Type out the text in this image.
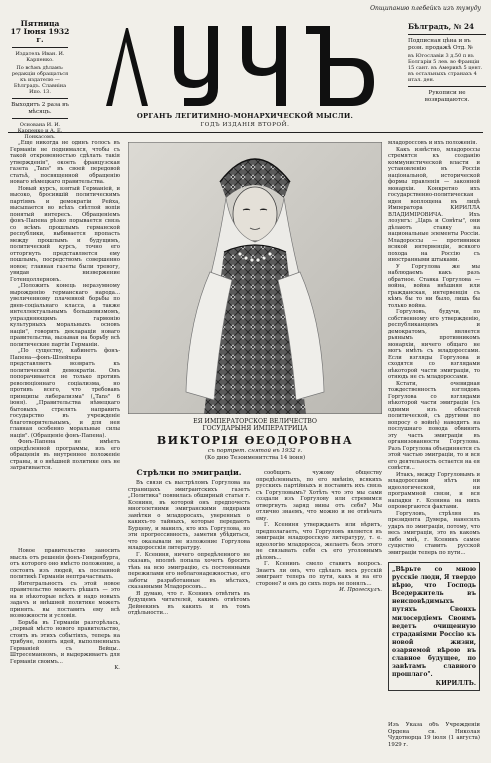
Опщипанию плебейкъ изъ тумуду
Пятница
17 Іюня 1932 г.
Издатель Иван. И. Карпенко.
По всѣмъ дѣламъ: редакціи обращаться къ издателю — Бѣлградъ. Славніна Ипо. 13.
Выходитъ 2 раза въ мѣсяцъ.
Основана И. И. Карпенко и А. Е. Понкасомъ.
ЛУЧЪ
Бѣлградъ, № 24
Подписная цѣна и въ розн. продажѣ Отд. №
въ Югославіи 3 д.50 п въ Болгаріи 5 лев. во Франціи 15 сант. въ Америкѣ 5 цент. въ остальныхъ странахъ 4 итал. ден.
Рукописи не возвращаются.
ОРГАНЪ ЛЕГИТИМНО-МОНАРХИЧЕСКОЙ МЫСЛИ.
ГОДЪ ИЗДАНІЯ ВТОРОЙ.

„Еще никогда не одинъ голосъ въ Германіи не поднимался, чтобы съ такой откровенностью сдѣлать такія утвержденія", окоеть французская газета „Tans" въ своей передовой статьѣ, посвященной обращенію новаго нѣмецкаго правительства.

Новый курсъ, взятый Германіей, и высоко, бросившій политическимъ партіямъ и демократіи Рейха, высыпается во всѣхъ свѣтлой вопіи понятый интересъ. Обращеніемъ фонъ-Папена рѣзко порывается связь со всѣмъ прошлымъ германской республики, выбивается пропасть между прошлымъ и будущимъ, политический курсъ, точно его отторгнуть представляется ему пошлымъ, посредствомъ совершенно новое; главная газеты были тревогу, увидав низвержение Готенцоллерновъ.

„Положить конець неразумному вырожденію германскаго народа... увеличенному плачевной борьбы по днев-соціальнаго класса, а также интеллектуальнымъ большевизмомъ, упраздняющимъ гармонію культурныхъ моральныхъ основъ націи", говорить деклараціи новаго правительства, вызывая на борьбу всѣ политические партіи Германіи.

„По существу, кабинетъ фонъ-Папена—фонъ-Шлейхера представляетъ возвратъ къ политической демократіи. Онъ попорачивается не только противъ революціоннаго соціализма, но противъ всего, что требовавъ принципы либерализма" („Tans" 6 іюня). „Правительства нѣмецкаго бытовыхъ стрелять направить государство въ учрежденіе благотворительнымъ, и для нея главная особенно моральные силы нація". (Обращеніе фонъ-Папена).

Фонъ-Папена не имѣетъ опредѣленной программы, изъ его обращенія въ внутреннее положеніе страны, и о внѣшней политике онъ не затрагивается.

Новое правительство заносить мысль отъ решенія фонъ-Гинденбурга, отъ которого оно вмѣсто положение, а состоять изъ людей, къ посланной политикѣ Германіи нептрачаствыхъ.

Интегральность съ этой новое правительство можетъ рѣшать — это на и нѣкоторые всѣхъ и надо новыхъ задачъ и внѣшней политике можетъ принять. вы поставить ему всѣ возможности и условія.

Борьба въ Германіи разгорѣлась, „первый мѣсто нового правительство, стоить въ этихъ событіяхъ, теперь на трибуне, понять идей, выполненныхъ Германіей съ Вейцы.. Штресеманномъ, и выдерживаетъ для Германіи своимъ...

K.
ЕЯ ИМПЕРАТОРСКОЕ ВЕЛИЧЕСТВО
ГОСУДАРЫНЯ ИМПЕРАТРИЦА
ВИКТОРІЯ ѲЕОДОРОВНА
съ портрет. снятой въ 1932 г.
(Ко дню Тезоименитства 14 іюня)
Стрѣлки по эмиграціи.

Въ связи съ выстрѣломъ Горгулова на страницахъ эмигрантскихъ газетъ „Политика" появилась обширный статья г. Ксениня, въ которой онъ предпочесть многолетними эмигранскими лидерами замѣтки о младоросахъ, уверенных о какихъ-то тайныхъ, которые передаютъ Бурцеву, и манилъ, кто ихъ Горгулова, но эти прогрессивность, заметив убѣдиться, что оказывали не изложение Горгулова младоросскія литературу.

Г. Ксениня, ничего опредѣленного не сказавъ, вполнѣ попала хочетъ бросить тѣнь на всю эмиграцію, съ постоянными пережилами его неблагонадежностью, его заботы разработанные въ мѣстахъ, сказанными Младоросовъ...

Я думаю, что г. Ксенинъ отвѣтить въ будущемъ читателей, какимъ отвѣтомъ Дейнекинъ въ какихъ и въ томъ отдѣльности...

сообщить чужому обществу опредѣленныхъ, по его мнѣнію, всякихъ русскихъ партійныхъ и поставить ихъ связь съ Горгуловымъ? Хотѣть что это мы сами создали изъ Горгулову или стремимся отвергнуть заряд вины отъ себя? Мы отлично знаемъ, что можно и не отвѣчать ему.

Г. Ксениня утверждаетъ или вѣритъ, предполагаетъ, что Горгуловъ является въ эмиграціи младоросскую литературу, т. е. идеологію младоросса, желаетъ безъ этого не связывать себя съ его уголовнымъ дѣломъ...

Г. Ксенинъ смело ставитъ вопросъ. Знаетъ ли онъ, что сдѣлалъ весь русскій эмигрант теперь по пути, какъ и на его стороне? и онъ до сихъ поръ не понялъ…

И. Прогескулъ.

младороссовъ и ихъ положенія.

Какъ извѣстно, младороссы стремятся къ созданію коммунистической власти и установленію въ Россіи національной, исторической формы правленія — законной монархіи. Конкретно ихъ государственно-политическая идея воплощена въ лицѣ Императора КИРИЛЛА ВЛАДИМІРОВИЧА. Ихъ лозунгъ: „Царь и Совѣты", они дѣлаютъ ставку на национальные элементы Россіи. Младороссы — противники всякой интервенціи, всякого похода на Россію съ иностранными штыками.

У Горгулова же мы наблюдаемъ какъ разъ обратное. Ставка Горгулова — война, война внѣшняя или гражданская, интервенція съ кѣмъ бы то ни было, лишь бы только война.

Горгуловъ, будучи, по собственному его утвержденію, республиканцемъ и демократомъ, является рьянымъ противникомъ монархіи, ничего общаго не могъ имѣть съ младороссами. Если взгляды Горгулова и сходятся со взглядами нѣкоторой части эмиграціи, то отнюдь не съ младороссами.

Кстати, очевидная тождественность взглядовъ Горгулова со взглядами нѣкоторой части эмиграціи (съ одними изъ областей политической, съ другими по вопросу о войнѣ) наводитъ на послушнаго повода обвинять эту часть эмиграціи въ организованности Горгулова. Разъ Горгулова объединяется съ этой частью эмиграціи, то и вся его деятельность остается на ея совѣсти...

Итакъ, между Горгуловымъ и младороссами нѣтъ ни идеологической, ни программной связи, и вся нападки г. Ксенина на нихъ опровергаются фактами.

Горгуловъ, стрѣляя въ президента Думера, нанесялъ ударъ по эмиграціи, потому, что весь эмиграціи, это въ какомъ либо мнѣ, г. Ксенинъ самое существо ставитъ русской эмиграціи теперь по пути...

„Вѣрьте со мною русскіе люди, Я твердо вѣрю, что Господь Вседержитель въ неисповѣдимыхъ путяхъ Своихъ милосердіемъ Своимъ ведетъ очищенную страданіями Россію къ новой жизни, озаряемой вѣрою въ славное будущее, по завѣтамъ славного прошлаго".
КИРИЛЛЪ.
Изъ Указа объ Учрежденіи Ордена св. Николая Чудотворца 19 іюля (1 августа) 1929 г.
